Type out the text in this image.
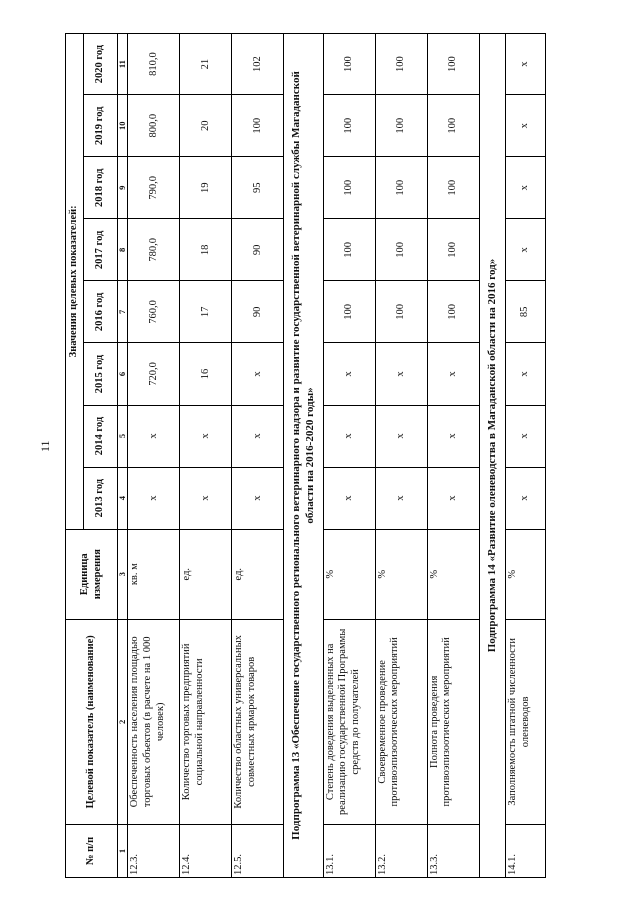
11
№ п/п	Целевой показатель (наименование)	Единица измерения	Значения целевых показателей:							
			2013 год	2014 год	2015 год	2016 год	2017 год	2018 год	2019 год	2020 год
1	2	3	4	5	6	7	8	9	10	11
12.3.	Обеспеченность населения площадью торговых объектов (в расчете на 1 000 человек)	кв. м	x	x	720,0	760,0	780,0	790,0	800,0	810,0
12.4.	Количество торговых предприятий социальной направленности	ед.	x	x	16	17	18	19	20	21
12.5.	Количество областных универсальных совместных ярмарок товаров	ед.	x	x	x	90	90	95	100	102
Подпрограмма 13 «Обеспечение государственного регионального ветеринарного надзора и развитие государственной ветеринарной службы Магаданской области на 2016-2020 годы»										
13.1.	Степень доведения выделенных на реализацию государственной Программы средств до получателей	%	x	x	x	100	100	100	100	100
13.2.	Своевременное проведение противоэпизоотических мероприятий	%	x	x	x	100	100	100	100	100
13.3.	Полнота проведения противоэпизоотических мероприятий	%	x	x	x	100	100	100	100	100
Подпрограмма 14 «Развитие оленеводства в Магаданской области на 2016 год»										
14.1.	Заполняемость штатной численности оленеводов	%	x	x	x	85	x	x	x	x
